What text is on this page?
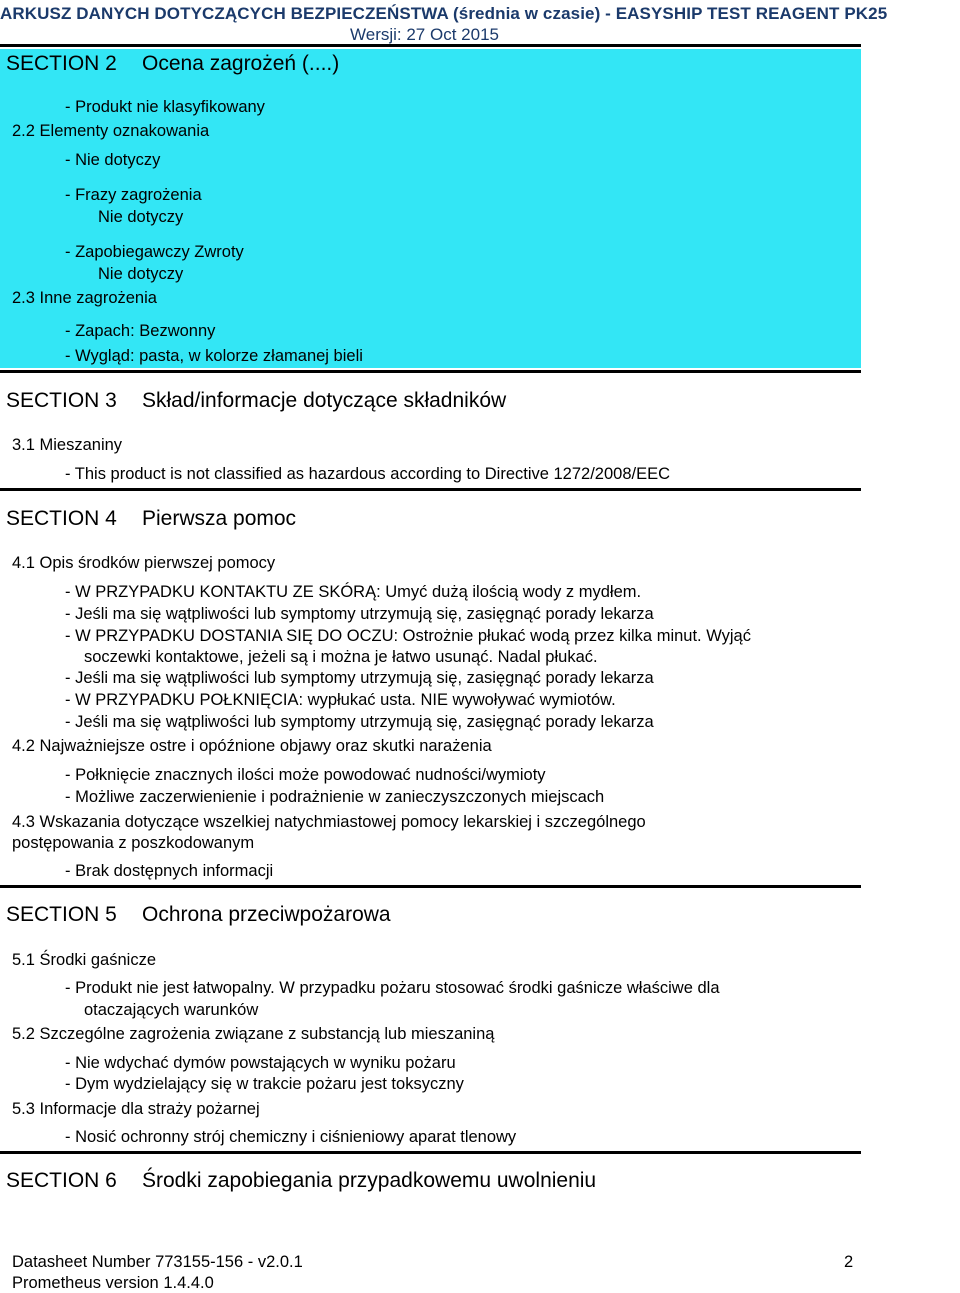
ARKUSZ DANYCH DOTYCZĄCYCH BEZPIECZEŃSTWA (średnia w czasie) - EASYSHIP TEST REAGENT PK25
Wersji: 27 Oct 2015
SECTION 2 Ocena zagrożeń (....)
- Produkt nie klasyfikowany
2.2 Elementy oznakowania
- Nie dotyczy
- Frazy zagrożenia
Nie dotyczy
- Zapobiegawczy Zwroty
Nie dotyczy
2.3 Inne zagrożenia
- Zapach: Bezwonny
- Wygląd: pasta, w kolorze złamanej bieli
SECTION 3 Skład/informacje dotyczące składników
3.1 Mieszaniny
- This product is not classified as hazardous according to Directive 1272/2008/EEC
SECTION 4 Pierwsza pomoc
4.1 Opis środków pierwszej pomocy
- W PRZYPADKU KONTAKTU ZE SKÓRĄ: Umyć dużą ilością wody z mydłem.
- Jeśli ma się wątpliwości lub symptomy utrzymują się, zasięgnąć porady lekarza
- W PRZYPADKU DOSTANIA SIĘ DO OCZU: Ostrożnie płukać wodą przez kilka minut. Wyjąć
soczewki kontaktowe, jeżeli są i można je łatwo usunąć. Nadal płukać.
- Jeśli ma się wątpliwości lub symptomy utrzymują się, zasięgnąć porady lekarza
- W PRZYPADKU POŁKNIĘCIA: wypłukać usta. NIE wywoływać wymiotów.
- Jeśli ma się wątpliwości lub symptomy utrzymują się, zasięgnąć porady lekarza
4.2 Najważniejsze ostre i opóźnione objawy oraz skutki narażenia
- Połknięcie znacznych ilości może powodować nudności/wymioty
- Możliwe zaczerwienienie i podrażnienie w zanieczyszczonych miejscach
4.3 Wskazania dotyczące wszelkiej natychmiastowej pomocy lekarskiej i szczególnego
postępowania z poszkodowanym
- Brak dostępnych informacji
SECTION 5 Ochrona przeciwpożarowa
5.1 Środki gaśnicze
- Produkt nie jest łatwopalny. W przypadku pożaru stosować środki gaśnicze właściwe dla
otaczających warunków
5.2 Szczególne zagrożenia związane z substancją lub mieszaniną
- Nie wdychać dymów powstających w wyniku pożaru
- Dym wydzielający się w trakcie pożaru jest toksyczny
5.3 Informacje dla straży pożarnej
- Nosić ochronny strój chemiczny i ciśnieniowy aparat tlenowy
SECTION 6 Środki zapobiegania przypadkowemu uwolnieniu
Datasheet Number 773155-156 - v2.0.1
Prometheus version 1.4.4.0
2
